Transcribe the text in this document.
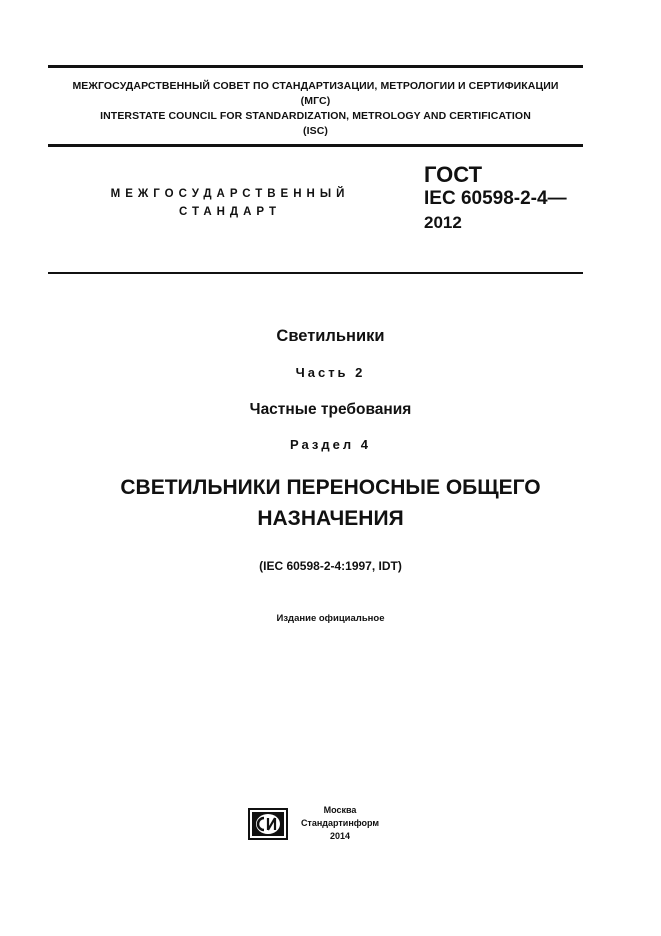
МЕЖГОСУДАРСТВЕННЫЙ СОВЕТ ПО СТАНДАРТИЗАЦИИ, МЕТРОЛОГИИ И СЕРТИФИКАЦИИ
(МГС)
INTERSTATE COUNCIL FOR STANDARDIZATION, METROLOGY AND CERTIFICATION
(ISC)
МЕЖГОСУДАРСТВЕННЫЙ
СТАНДАРТ
ГОСТ
IEC 60598-2-4—
2012
Светильники
Часть 2
Частные требования
Раздел 4
СВЕТИЛЬНИКИ ПЕРЕНОСНЫЕ ОБЩЕГО
НАЗНАЧЕНИЯ
(IEC 60598-2-4:1997, IDT)
Издание официальное
Москва
Стандартинформ
2014
